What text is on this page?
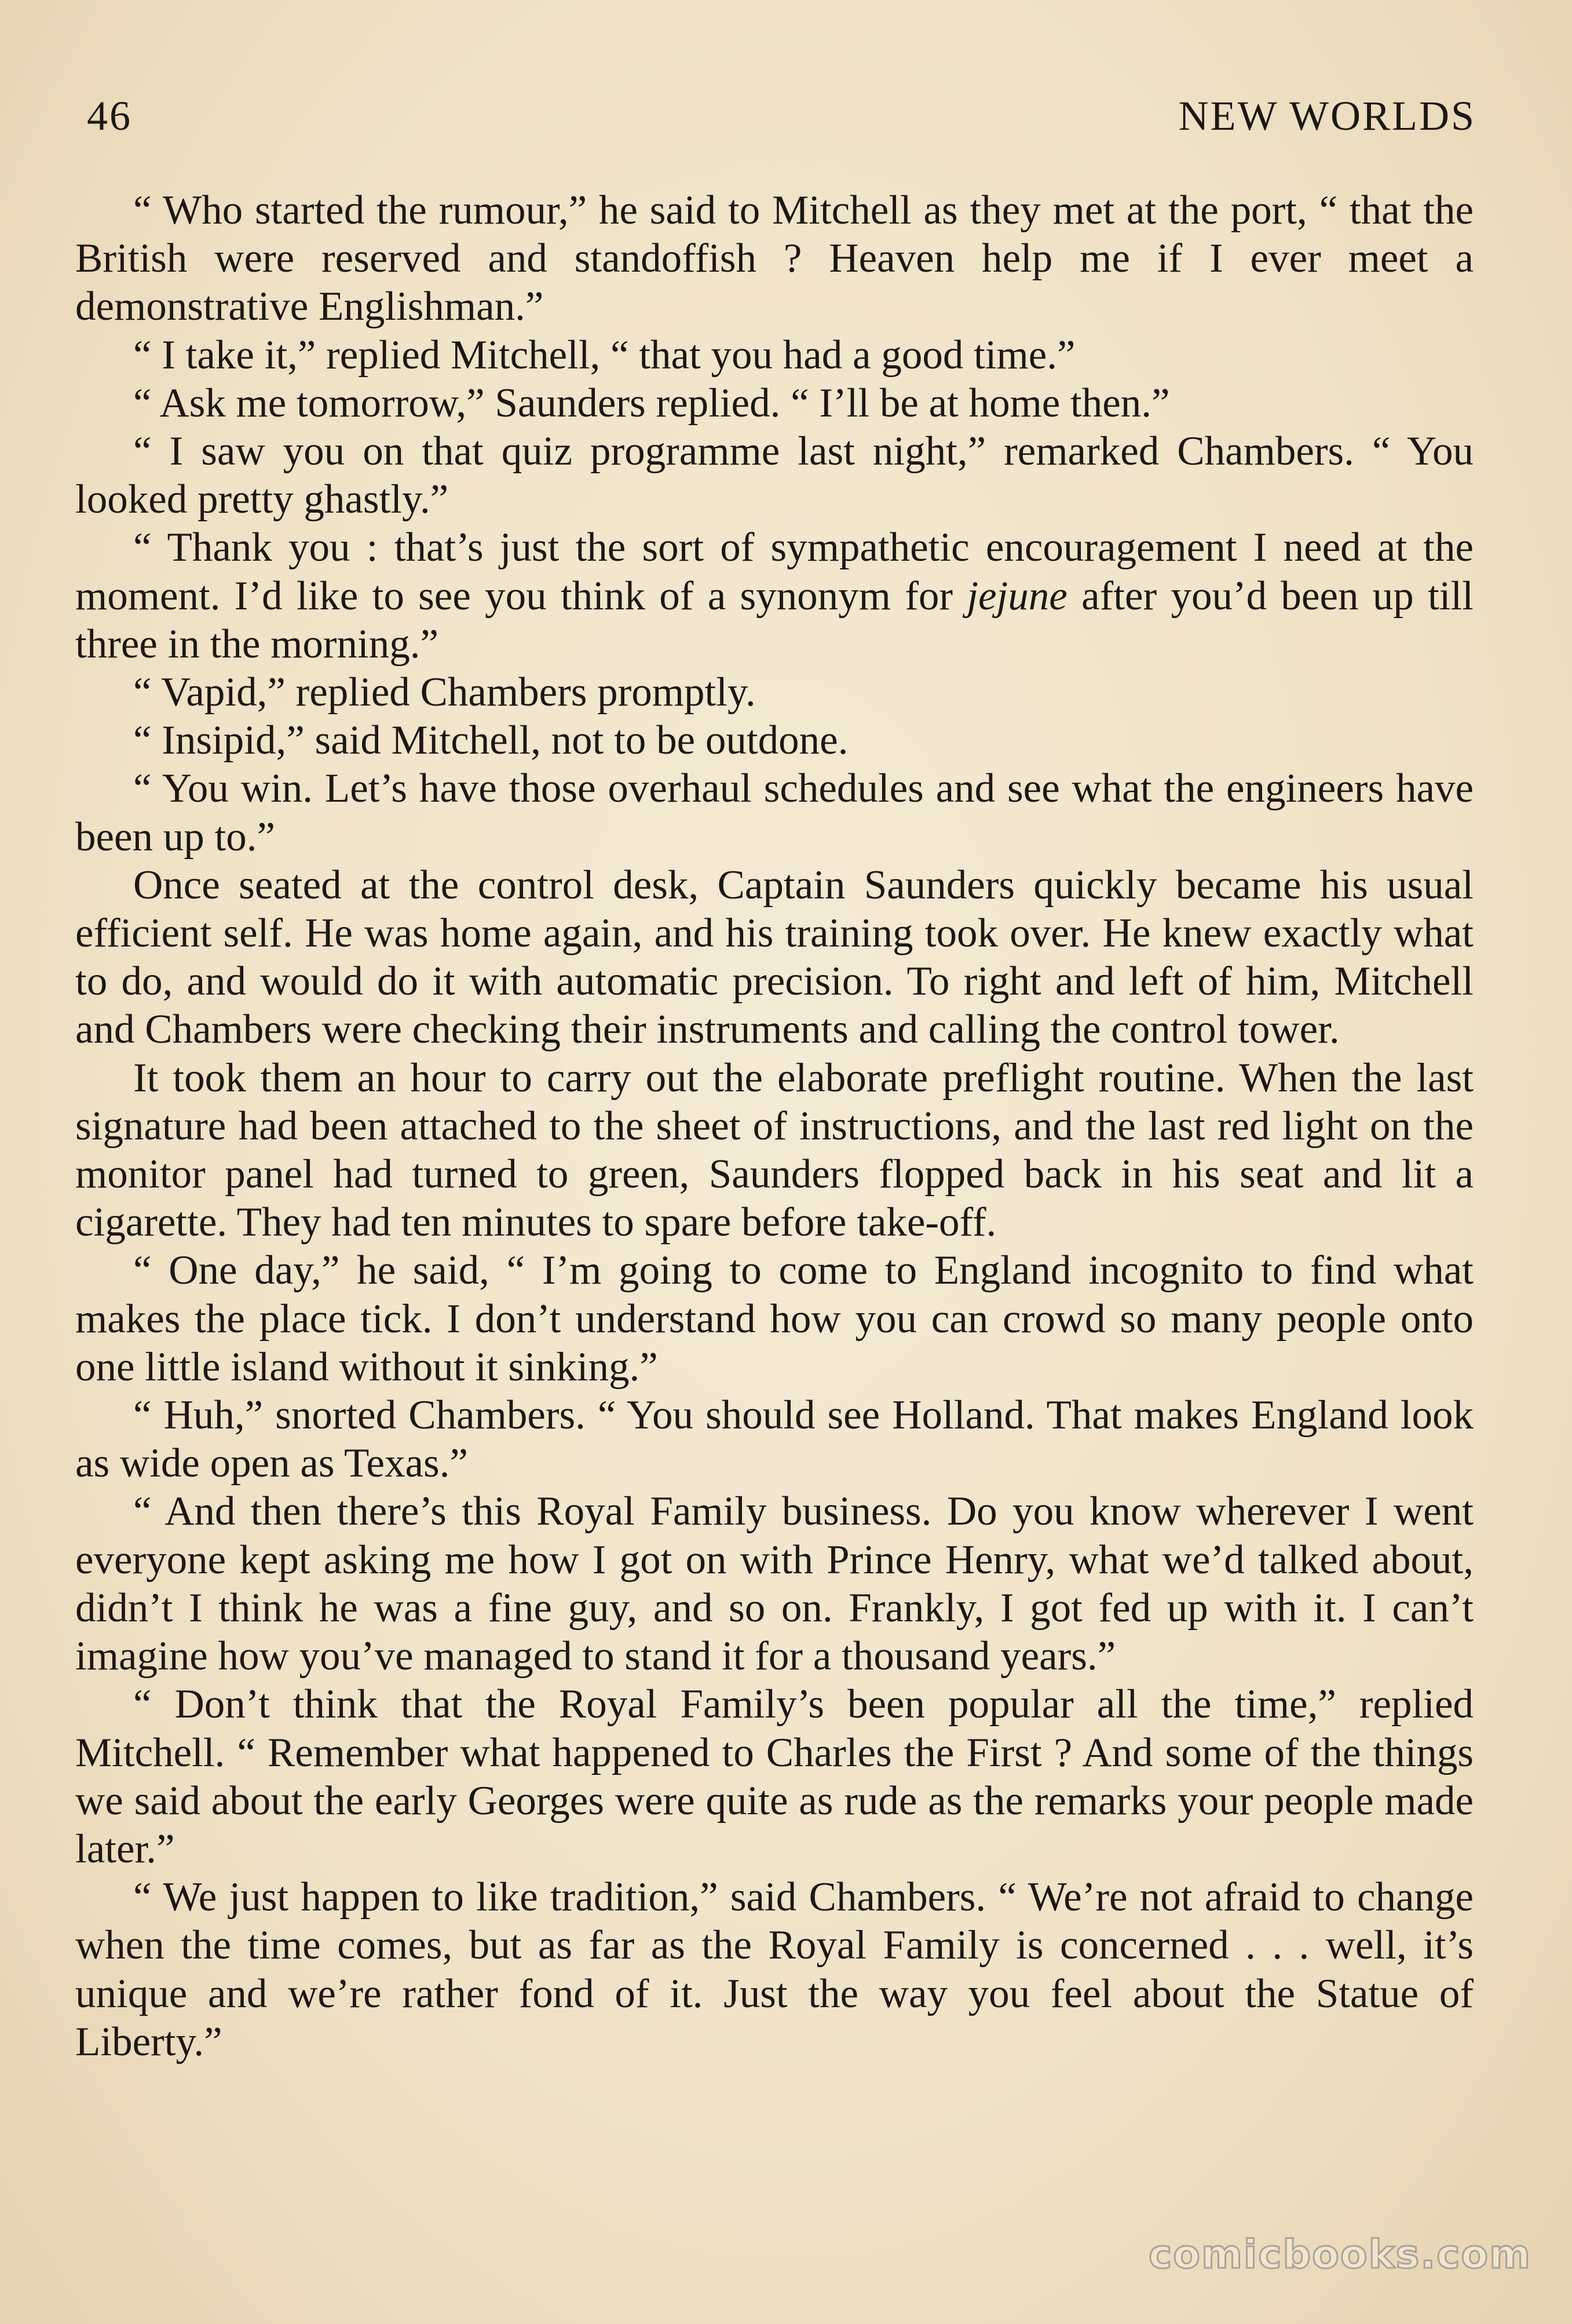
46	NEW WORLDS

“ Who started the rumour,” he said to Mitchell as they met at the port, “ that the British were reserved and standoffish ? Heaven help me if I ever meet a demonstrative Englishman.”

“ I take it,” replied Mitchell, “ that you had a good time.”

“ Ask me tomorrow,” Saunders replied. “ I’ll be at home then.”

“ I saw you on that quiz programme last night,” remarked Chambers. “ You looked pretty ghastly.”

“ Thank you : that’s just the sort of sympathetic encouragement I need at the moment. I’d like to see you think of a synonym for jejune after you’d been up till three in the morning.”

“ Vapid,” replied Chambers promptly.

“ Insipid,” said Mitchell, not to be outdone.

“ You win. Let’s have those overhaul schedules and see what the engineers have been up to.”

Once seated at the control desk, Captain Saunders quickly became his usual efficient self. He was home again, and his training took over. He knew exactly what to do, and would do it with automatic precision. To right and left of him, Mitchell and Chambers were checking their instruments and calling the control tower.

It took them an hour to carry out the elaborate preflight routine. When the last signature had been attached to the sheet of instructions, and the last red light on the monitor panel had turned to green, Saunders flopped back in his seat and lit a cigarette. They had ten minutes to spare before take-off.

“ One day,” he said, “ I’m going to come to England incognito to find what makes the place tick. I don’t understand how you can crowd so many people onto one little island without it sinking.”

“ Huh,” snorted Chambers. “ You should see Holland. That makes England look as wide open as Texas.”

“ And then there’s this Royal Family business. Do you know wherever I went everyone kept asking me how I got on with Prince Henry, what we’d talked about, didn’t I think he was a fine guy, and so on. Frankly, I got fed up with it. I can’t imagine how you’ve managed to stand it for a thousand years.”

“ Don’t think that the Royal Family’s been popular all the time,” replied Mitchell. “ Remember what happened to Charles the First ? And some of the things we said about the early Georges were quite as rude as the remarks your people made later.”

“ We just happen to like tradition,” said Chambers. “ We’re not afraid to change when the time comes, but as far as the Royal Family is concerned . . . well, it’s unique and we’re rather fond of it. Just the way you feel about the Statue of Liberty.”

comicbooks.com
